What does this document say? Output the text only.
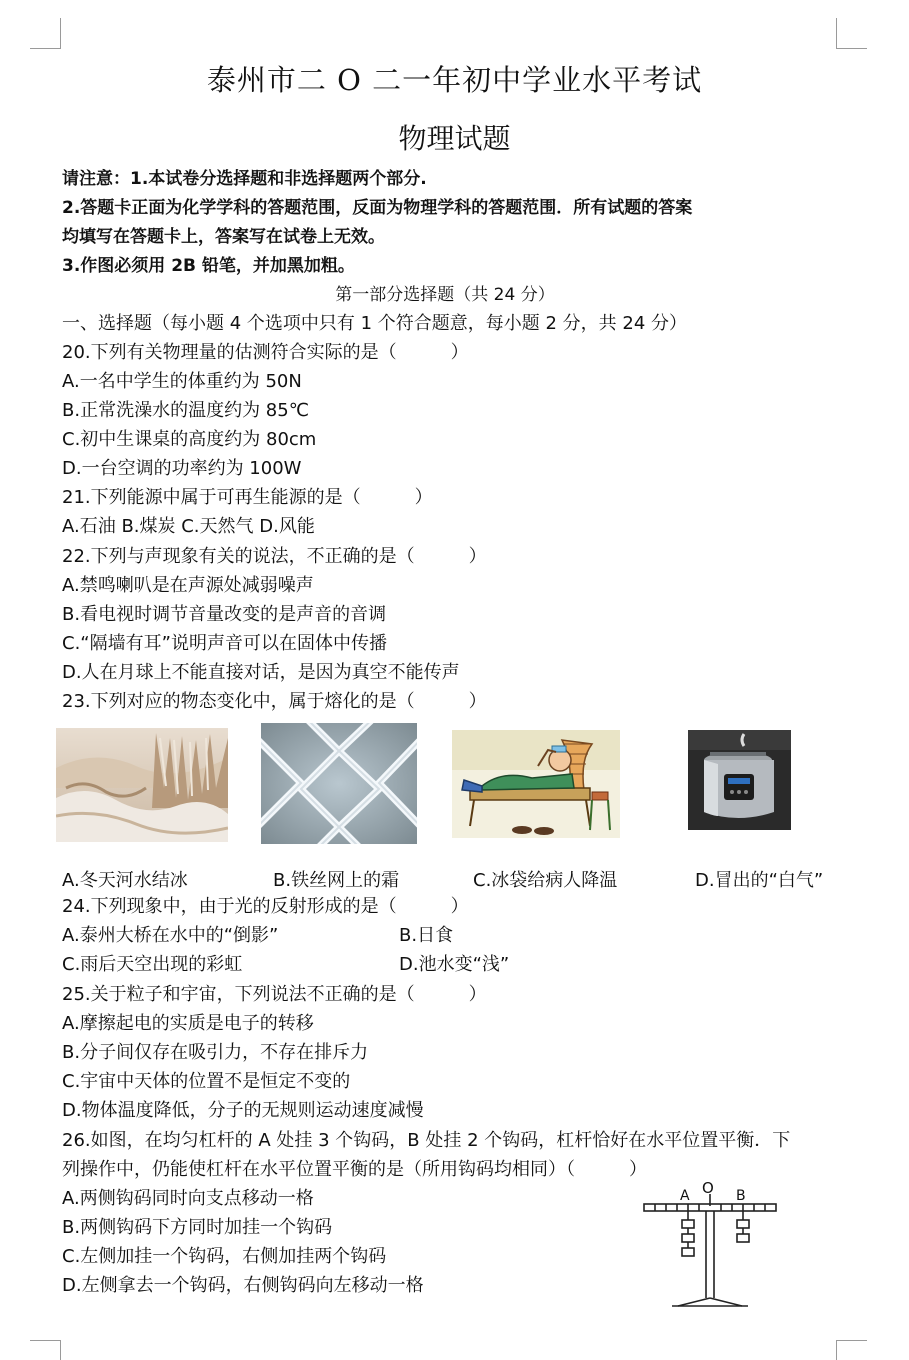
泰州市二 O 二一年初中学业水平考试
物理试题
请注意：1.本试卷分选择题和非选择题两个部分.
2.答题卡正面为化学学科的答题范围，反面为物理学科的答题范围．所有试题的答案
均填写在答题卡上，答案写在试卷上无效。
3.作图必须用 2B 铅笔，并加黑加粗。
第一部分选择题（共 24 分）
一、选择题（每小题 4 个选项中只有 1 个符合题意，每小题 2 分，共 24 分）
20.下列有关物理量的估测符合实际的是（　　　）
A.一名中学生的体重约为 50N
B.正常洗澡水的温度约为 85℃
C.初中生课桌的高度约为 80cm
D.一台空调的功率约为 100W
21.下列能源中属于可再生能源的是（　　　）
A.石油 B.煤炭 C.天然气 D.风能
22.下列与声现象有关的说法，不正确的是（　　　）
A.禁鸣喇叭是在声源处减弱噪声
B.看电视时调节音量改变的是声音的音调
C.“隔墙有耳”说明声音可以在固体中传播
D.人在月球上不能直接对话，是因为真空不能传声
23.下列对应的物态变化中，属于熔化的是（　　　）
A.冬天河水结冰	B.铁丝网上的霜	C.冰袋给病人降温	D.冒出的“白气”
24.下列现象中，由于光的反射形成的是（　　　）
A.泰州大桥在水中的“倒影”	B.日食
C.雨后天空出现的彩虹	D.池水变“浅”
25.关于粒子和宇宙，下列说法不正确的是（　　　）
A.摩擦起电的实质是电子的转移
B.分子间仅存在吸引力，不存在排斥力
C.宇宙中天体的位置不是恒定不变的
D.物体温度降低，分子的无规则运动速度减慢
26.如图，在均匀杠杆的 A 处挂 3 个钩码，B 处挂 2 个钩码，杠杆恰好在水平位置平衡．下
列操作中，仍能使杠杆在水平位置平衡的是（所用钩码均相同）（　　　）
A.两侧钩码同时向支点移动一格
B.两侧钩码下方同时加挂一个钩码
C.左侧加挂一个钩码，右侧加挂两个钩码
D.左侧拿去一个钩码，右侧钩码向左移动一格
A O B
